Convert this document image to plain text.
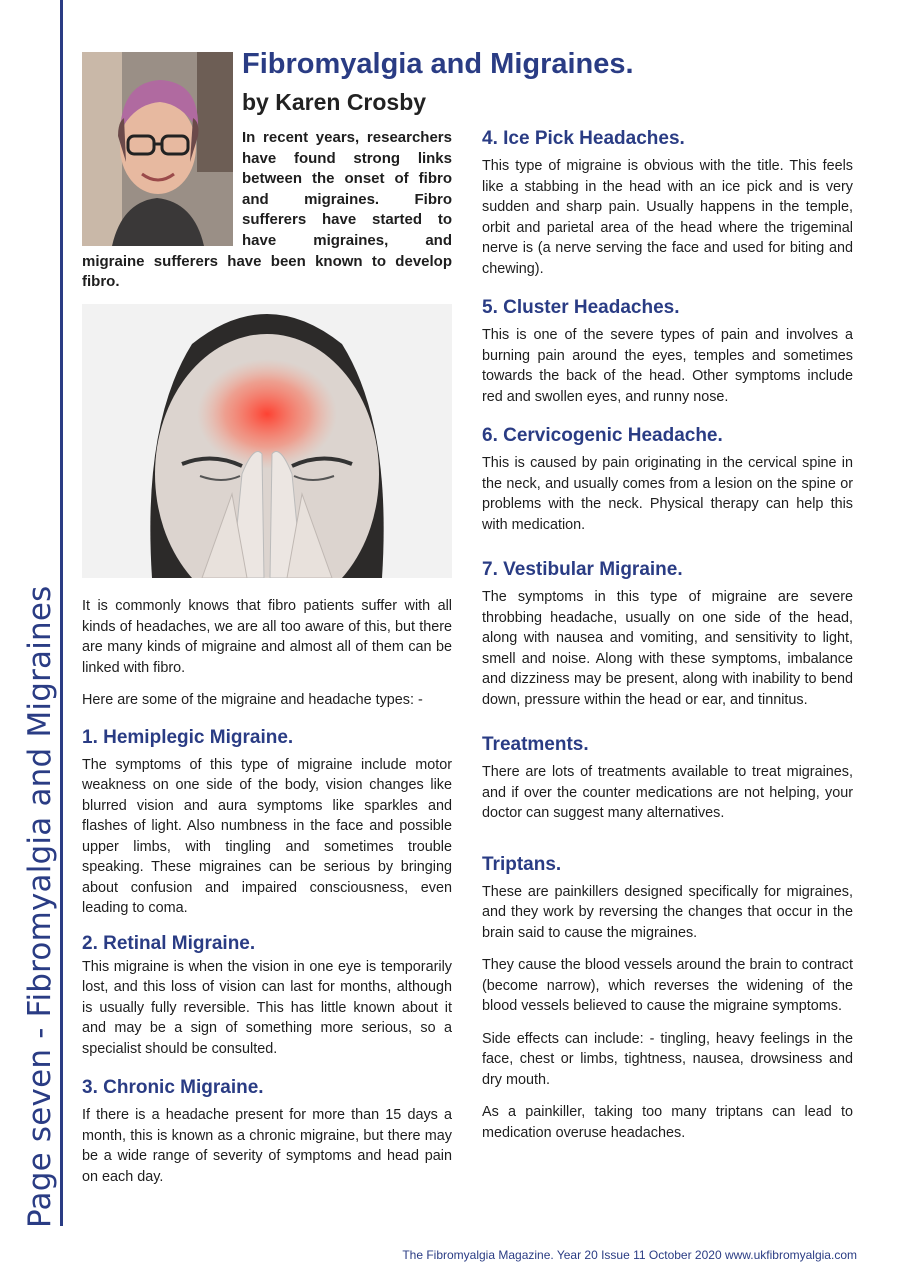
Page seven - Fibromyalgia and Migraines
Fibromyalgia and Migraines.
by Karen Crosby

In recent years, researchers have found strong links between the onset of fibro and migraines. Fibro sufferers have started to have migraines, and migraine sufferers have been known to develop fibro.

It is commonly knows that fibro patients suffer with all kinds of headaches, we are all too aware of this, but there are many kinds of migraine and almost all of them can be linked with fibro.

Here are some of the migraine and headache types: -

1. Hemiplegic Migraine.

The symptoms of this type of migraine include motor weakness on one side of the body, vision changes like blurred vision and aura symptoms like sparkles and flashes of light. Also numbness in the face and possible upper limbs, with tingling and sometimes trouble speaking. These migraines can be serious by bringing about confusion and impaired consciousness, even leading to coma.

2. Retinal Migraine.

This migraine is when the vision in one eye is temporarily lost, and this loss of vision can last for months, although is usually fully reversible. This has little known about it and may be a sign of something more serious, so a specialist should be consulted.

3. Chronic Migraine.

If there is a headache present for more than 15 days a month, this is known as a chronic migraine, but there may be a wide range of severity of symptoms and head pain on each day.

4. Ice Pick Headaches.

This type of migraine is obvious with the title. This feels like a stabbing in the head with an ice pick and is very sudden and sharp pain. Usually happens in the temple, orbit and parietal area of the head where the trigeminal nerve is (a nerve serving the face and used for biting and chewing).

5. Cluster Headaches.

This is one of the severe types of pain and involves a burning pain around the eyes, temples and sometimes towards the back of the head. Other symptoms include red and swollen eyes, and runny nose.

6. Cervicogenic Headache.

This is caused by pain originating in the cervical spine in the neck, and usually comes from a lesion on the spine or problems with the neck. Physical therapy can help this with medication.

7. Vestibular Migraine.

The symptoms in this type of migraine are severe throbbing headache, usually on one side of the head, along with nausea and vomiting, and sensitivity to light, smell and noise. Along with these symptoms, imbalance and dizziness may be present, along with inability to bend down, pressure within the head or ear, and tinnitus.

Treatments.

There are lots of treatments available to treat migraines, and if over the counter medications are not helping, your doctor can suggest many alternatives.

Triptans.

These are painkillers designed specifically for migraines, and they work by reversing the changes that occur in the brain said to cause the migraines.

They cause the blood vessels around the brain to contract (become narrow), which reverses the widening of the blood vessels believed to cause the migraine symptoms.

Side effects can include: - tingling, heavy feelings in the face, chest or limbs, tightness, nausea, drowsiness and dry mouth.

As a painkiller, taking too many triptans can lead to medication overuse headaches.

The Fibromyalgia Magazine. Year 20 Issue 11 October 2020 www.ukfibromyalgia.com
